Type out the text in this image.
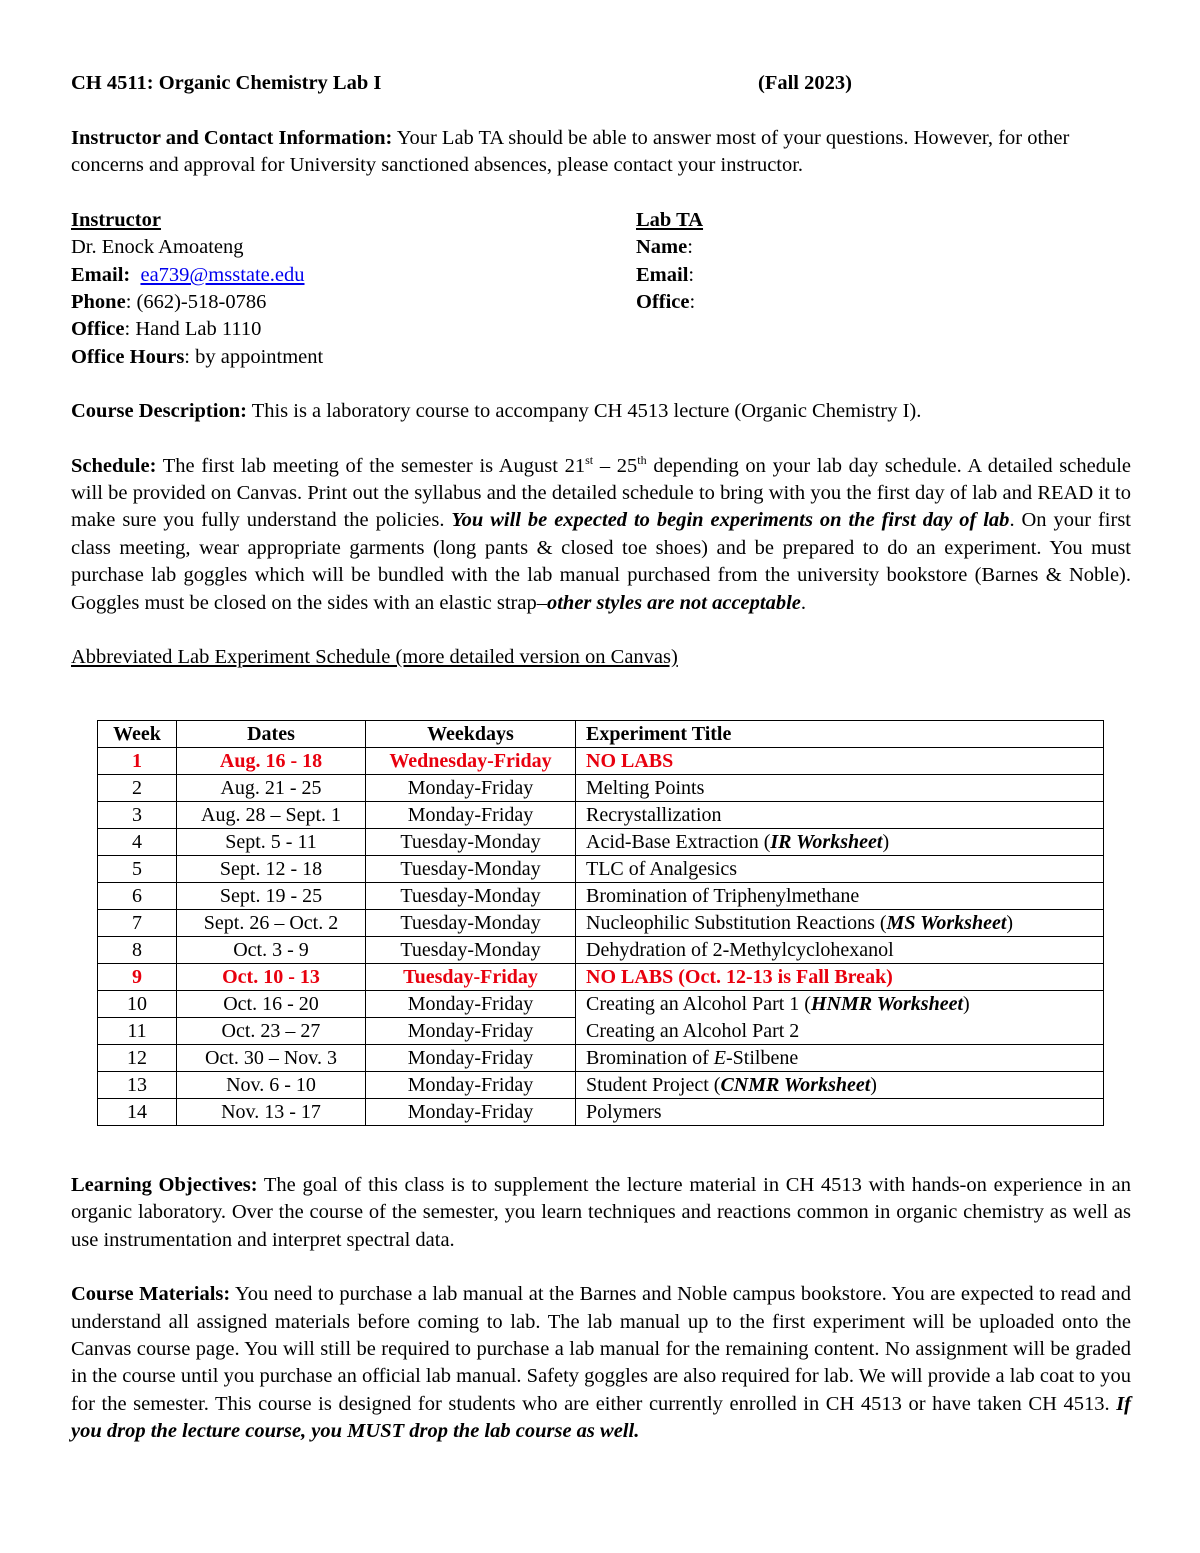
CH 4511: Organic Chemistry Lab I	(Fall 2023)

Instructor and Contact Information: Your Lab TA should be able to answer most of your questions. However, for other concerns and approval for University sanctioned absences, please contact your instructor.

Instructor
Dr. Enock Amoateng
Email: ea739@msstate.edu
Phone: (662)-518-0786
Office: Hand Lab 1110
Office Hours: by appointment
Lab TA
Name:
Email:
Office:

Course Description: This is a laboratory course to accompany CH 4513 lecture (Organic Chemistry I).

Schedule: The first lab meeting of the semester is August 21st – 25th depending on your lab day schedule. A detailed schedule will be provided on Canvas. Print out the syllabus and the detailed schedule to bring with you the first day of lab and READ it to make sure you fully understand the policies. You will be expected to begin experiments on the first day of lab. On your first class meeting, wear appropriate garments (long pants & closed toe shoes) and be prepared to do an experiment. You must purchase lab goggles which will be bundled with the lab manual purchased from the university bookstore (Barnes & Noble). Goggles must be closed on the sides with an elastic strap–other styles are not acceptable.

Abbreviated Lab Experiment Schedule (more detailed version on Canvas)

Week	Dates	Weekdays	Experiment Title
1	Aug. 16 - 18	Wednesday-Friday	NO LABS
2	Aug. 21 - 25	Monday-Friday	Melting Points
3	Aug. 28 – Sept. 1	Monday-Friday	Recrystallization
4	Sept. 5 - 11	Tuesday-Monday	Acid-Base Extraction (IR Worksheet)
5	Sept. 12 - 18	Tuesday-Monday	TLC of Analgesics
6	Sept. 19 - 25	Tuesday-Monday	Bromination of Triphenylmethane
7	Sept. 26 – Oct. 2	Tuesday-Monday	Nucleophilic Substitution Reactions (MS Worksheet)
8	Oct. 3 - 9	Tuesday-Monday	Dehydration of 2-Methylcyclohexanol
9	Oct. 10 - 13	Tuesday-Friday	NO LABS (Oct. 12-13 is Fall Break)
10	Oct. 16 - 20	Monday-Friday	Creating an Alcohol Part 1 (HNMR Worksheet)
11	Oct. 23 – 27	Monday-Friday	Creating an Alcohol Part 2
12	Oct. 30 – Nov. 3	Monday-Friday	Bromination of E-Stilbene
13	Nov. 6 - 10	Monday-Friday	Student Project (CNMR Worksheet)
14	Nov. 13 - 17	Monday-Friday	Polymers

Learning Objectives: The goal of this class is to supplement the lecture material in CH 4513 with hands-on experience in an organic laboratory. Over the course of the semester, you learn techniques and reactions common in organic chemistry as well as use instrumentation and interpret spectral data.

Course Materials: You need to purchase a lab manual at the Barnes and Noble campus bookstore. You are expected to read and understand all assigned materials before coming to lab. The lab manual up to the first experiment will be uploaded onto the Canvas course page. You will still be required to purchase a lab manual for the remaining content. No assignment will be graded in the course until you purchase an official lab manual. Safety goggles are also required for lab. We will provide a lab coat to you for the semester. This course is designed for students who are either currently enrolled in CH 4513 or have taken CH 4513. If you drop the lecture course, you MUST drop the lab course as well.
